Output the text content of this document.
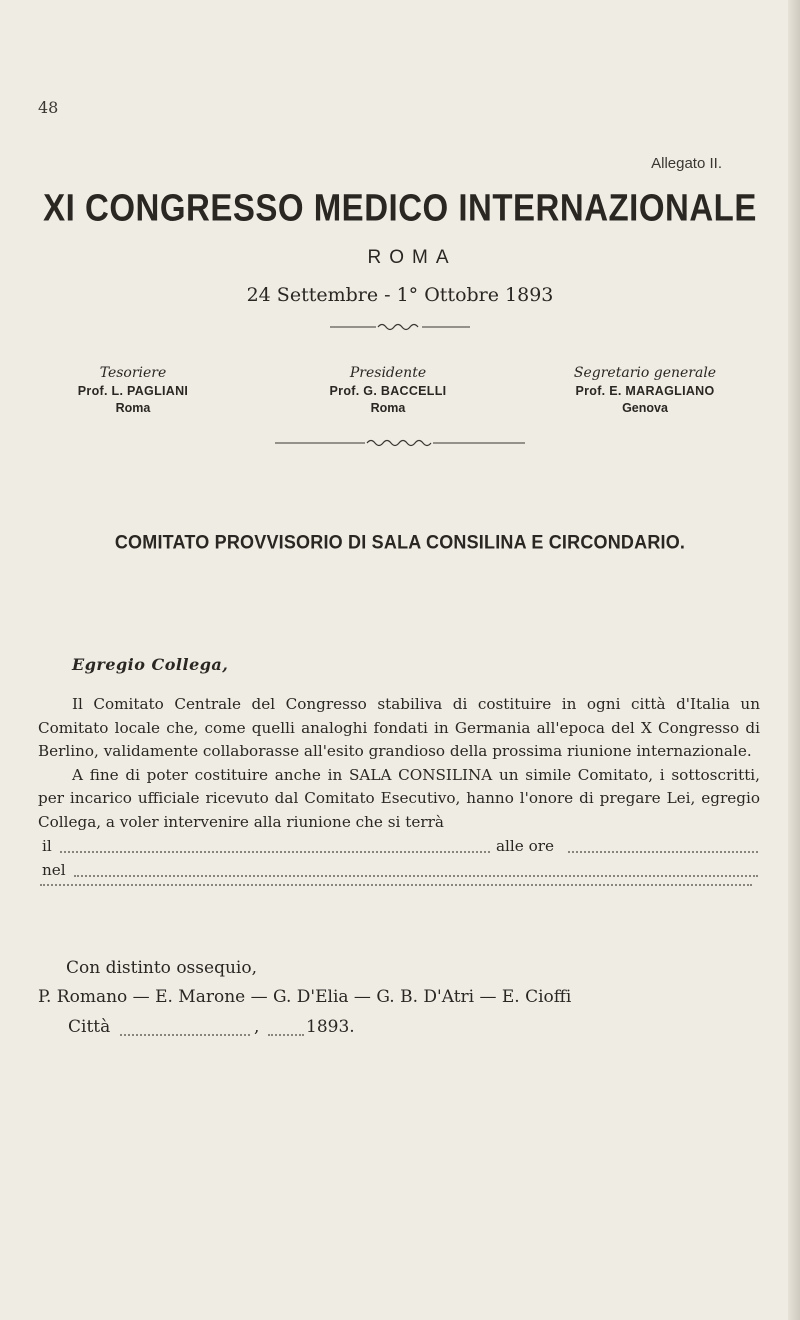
48
Allegato II.
XI CONGRESSO MEDICO INTERNAZIONALE
ROMA
24 Settembre - 1° Ottobre 1893
Tesoriere
Prof. L. PAGLIANI
Roma
Presidente
Prof. G. BACCELLI
Roma
Segretario generale
Prof. E. MARAGLIANO
Genova
COMITATO PROVVISORIO DI SALA CONSILINA E CIRCONDARIO.
Egregio Collega,

Il Comitato Centrale del Congresso stabiliva di costituire in ogni città d'Italia un Comitato locale che, come quelli analoghi fondati in Germania all'epoca del X Congresso di Berlino, validamente collaborasse all'esito grandioso della prossima riunione internazionale.

A fine di poter costituire anche in SALA CONSILINA un simile Comitato, i sottoscritti, per incarico ufficiale ricevuto dal Comitato Esecutivo, hanno l'onore di pregare Lei, egregio Collega, a voler intervenire alla riunione che si terrà

il	alle ore
nel
Con distinto ossequio,
P. Romano — E. Marone — G. D'Elia — G. B. D'Atri — E. Cioffi
Città	,	1893.
